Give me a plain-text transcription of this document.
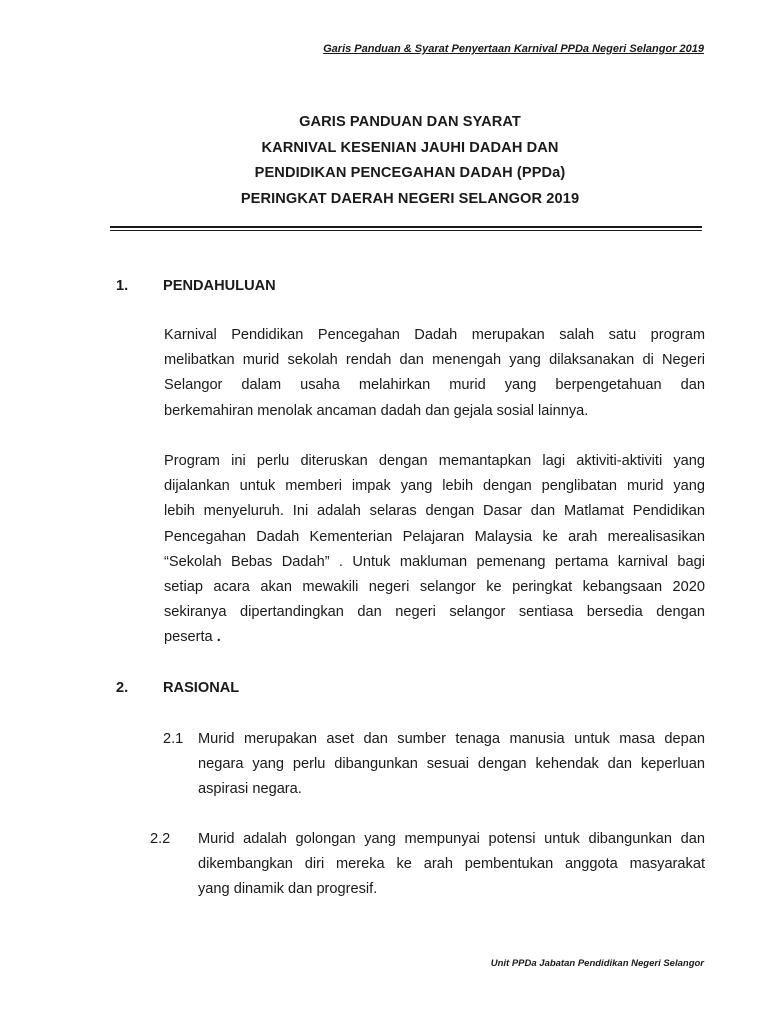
Garis Panduan & Syarat Penyertaan Karnival PPDa Negeri Selangor 2019
GARIS PANDUAN DAN SYARAT
KARNIVAL KESENIAN JAUHI DADAH DAN
PENDIDIKAN PENCEGAHAN DADAH (PPDa)
PERINGKAT DAERAH NEGERI SELANGOR 2019
1. PENDAHULUAN
Karnival Pendidikan Pencegahan Dadah merupakan salah satu program
melibatkan murid sekolah rendah dan menengah yang dilaksanakan di Negeri
Selangor dalam usaha melahirkan murid yang berpengetahuan dan
berkemahiran menolak ancaman dadah dan gejala sosial lainnya.
Program ini perlu diteruskan dengan memantapkan lagi aktiviti-aktiviti yang
dijalankan untuk memberi impak yang lebih dengan penglibatan murid yang
lebih menyeluruh. Ini adalah selaras dengan Dasar dan Matlamat Pendidikan
Pencegahan Dadah Kementerian Pelajaran Malaysia ke arah merealisasikan
“Sekolah Bebas Dadah” . Untuk makluman pemenang pertama karnival bagi
setiap acara akan mewakili negeri selangor ke peringkat kebangsaan 2020
sekiranya dipertandingkan dan negeri selangor sentiasa bersedia dengan
peserta .
2. RASIONAL
2.1 Murid merupakan aset dan sumber tenaga manusia untuk masa depan
negara yang perlu dibangunkan sesuai dengan kehendak dan keperluan
aspirasi negara.
2.2 Murid adalah golongan yang mempunyai potensi untuk dibangunkan dan
dikembangkan diri mereka ke arah pembentukan anggota masyarakat
yang dinamik dan progresif.
Unit PPDa Jabatan Pendidikan Negeri Selangor
